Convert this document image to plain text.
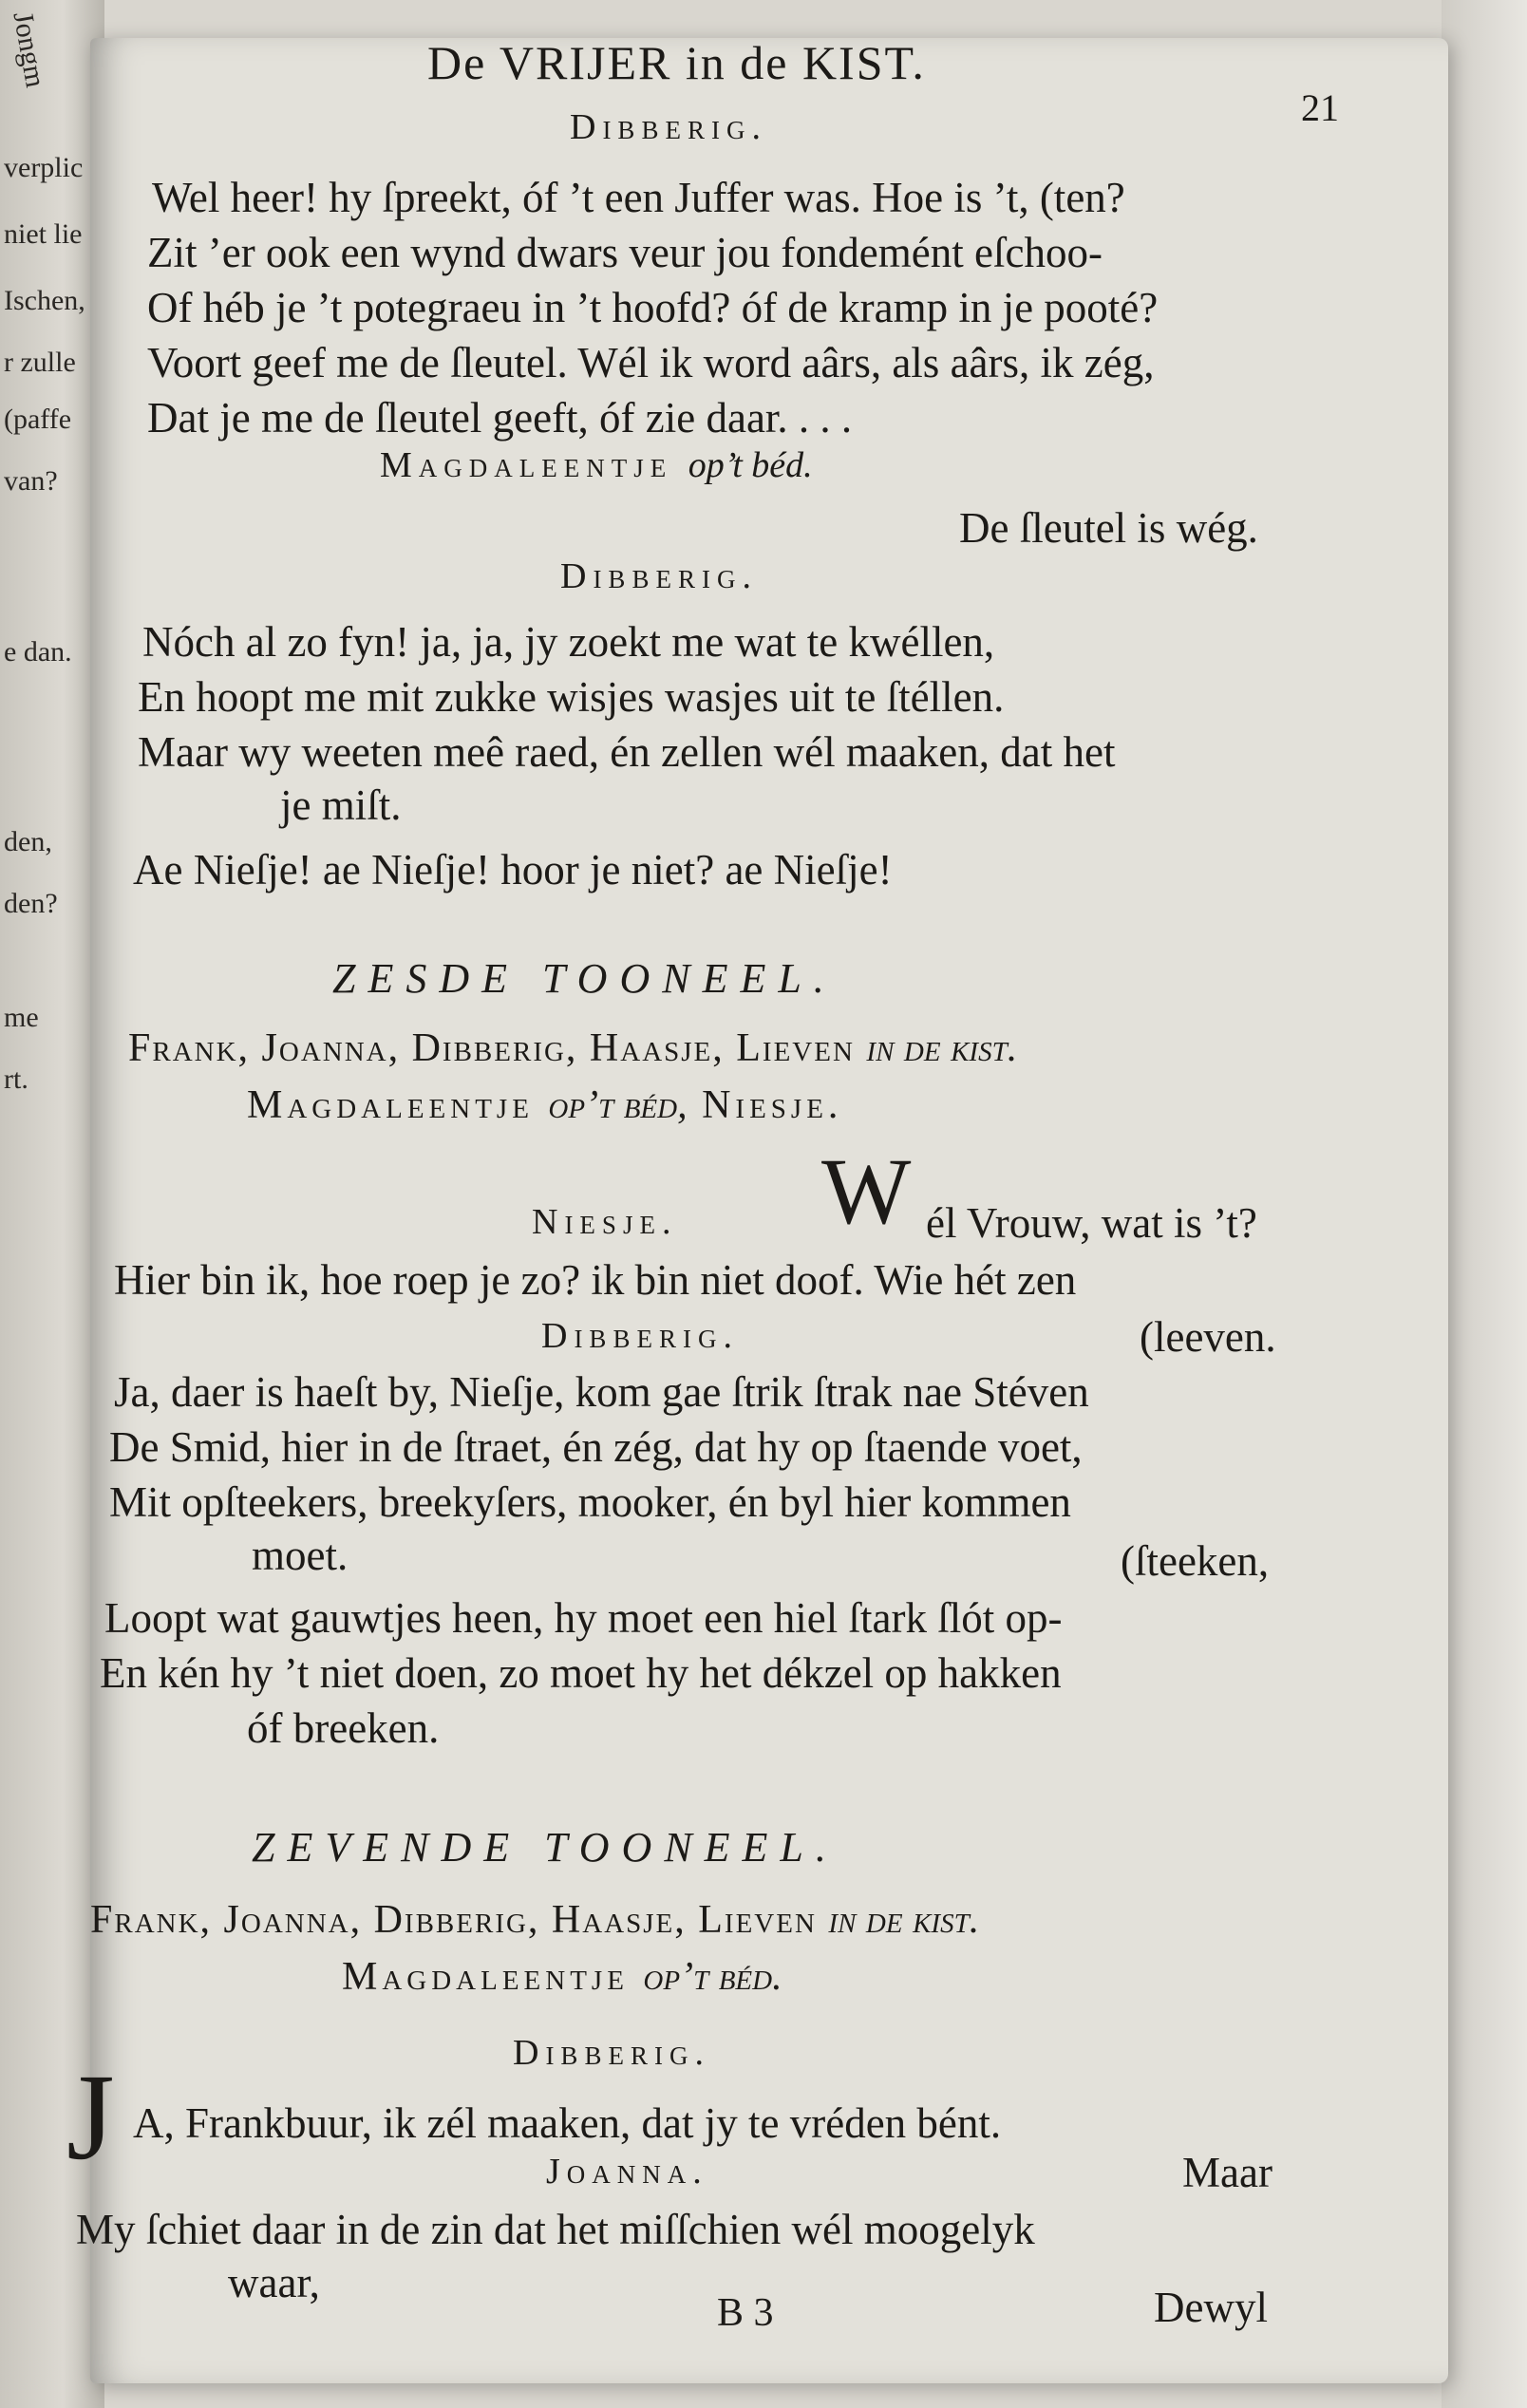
Jongm
verplic
niet lie
Ischen,
r zulle
(paffe
van?
e dan.
den,
den?
me
rt.
De VRIJER in de KIST.
21
Dibberig.
Wel heer! hy ſpreekt, óf ’t een Juffer was. Hoe is ’t, (ten?
Zit ’er ook een wynd dwars veur jou fondemént eſchoo-
Of héb je ’t potegraeu in ’t hoofd? óf de kramp in je pooté?
Voort geef me de ſleutel. Wél ik word aârs, als aârs, ik zég,
Dat je me de ſleutel geeft, óf zie daar. . . .
Magdaleentje op’t béd.
De ſleutel is wég.
Dibberig.
Nóch al zo fyn! ja, ja, jy zoekt me wat te kwéllen,
En hoopt me mit zukke wisjes wasjes uit te ſtéllen.
Maar wy weeten meê raed, én zellen wél maaken, dat het
je miſt.
Ae Nieſje! ae Nieſje! hoor je niet? ae Nieſje!
ZESDE TOONEEL.
Frank, Joanna, Dibberig, Haasje, Lieven in de kiſt.
Magdaleentje op’t béd, Niesje.
Niesje. W él Vrouw, wat is ’t?
Hier bin ik, hoe roep je zo? ik bin niet doof. Wie hét zen
Dibberig.	(leeven.
Ja, daer is haeſt by, Nieſje, kom gae ſtrik ſtrak nae Stéven
De Smid, hier in de ſtraet, én zég, dat hy op ſtaende voet,
Mit opſteekers, breekyſers, mooker, én byl hier kommen
moet.	(ſteeken,
Loopt wat gauwtjes heen, hy moet een hiel ſtark ſlót op-
En kén hy ’t niet doen, zo moet hy het dékzel op hakken
óf breeken.
ZEVENDE TOONEEL.
Frank, Joanna, Dibberig, Haasje, Lieven in de kiſt.
Magdaleentje op’t béd.
Dibberig.
J A, Frankbuur, ik zél maaken, dat jy te vréden bént.
Joanna.	Maar
My ſchiet daar in de zin dat het miſſchien wél moogelyk
waar,
B 3	Dewyl
